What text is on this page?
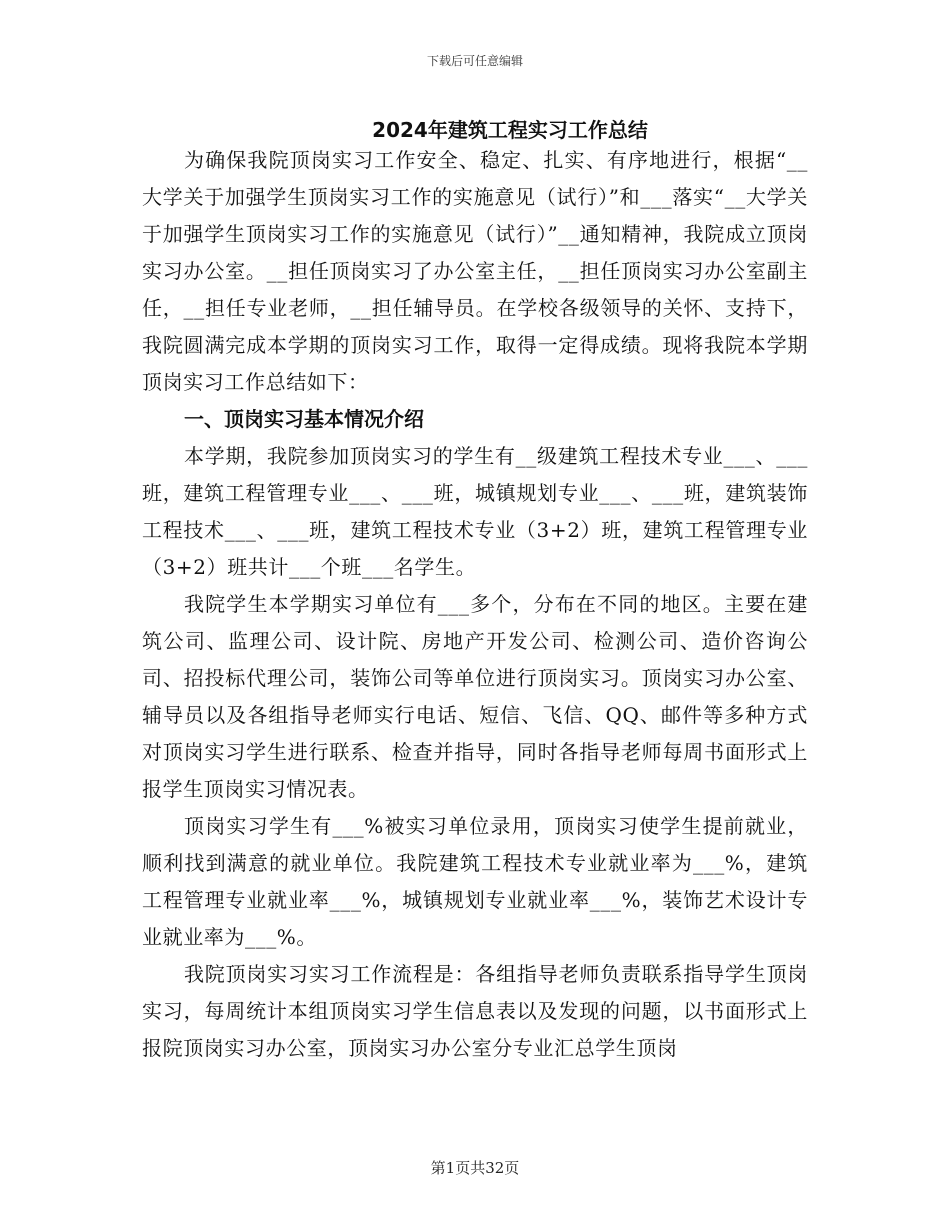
下载后可任意编辑
2024年建筑工程实习工作总结

为确保我院顶岗实习工作安全、稳定、扎实、有序地进行，根据“__大学关于加强学生顶岗实习工作的实施意见（试行）”和___落实“__大学关于加强学生顶岗实习工作的实施意见（试行）”__通知精神，我院成立顶岗实习办公室。__担任顶岗实习了办公室主任，__担任顶岗实习办公室副主任，__担任专业老师，__担任辅导员。在学校各级领导的关怀、支持下，我院圆满完成本学期的顶岗实习工作，取得一定得成绩。现将我院本学期顶岗实习工作总结如下：

一、顶岗实习基本情况介绍

本学期，我院参加顶岗实习的学生有__级建筑工程技术专业___、___班，建筑工程管理专业___、___班，城镇规划专业___、___班，建筑装饰工程技术___、___班，建筑工程技术专业（3+2）班，建筑工程管理专业（3+2）班共计___个班___名学生。

我院学生本学期实习单位有___多个，分布在不同的地区。主要在建筑公司、监理公司、设计院、房地产开发公司、检测公司、造价咨询公司、招投标代理公司，装饰公司等单位进行顶岗实习。顶岗实习办公室、辅导员以及各组指导老师实行电话、短信、飞信、QQ、邮件等多种方式对顶岗实习学生进行联系、检查并指导，同时各指导老师每周书面形式上报学生顶岗实习情况表。

顶岗实习学生有___%被实习单位录用，顶岗实习使学生提前就业，顺利找到满意的就业单位。我院建筑工程技术专业就业率为___%，建筑工程管理专业就业率___%，城镇规划专业就业率___%，装饰艺术设计专业就业率为___%。

我院顶岗实习实习工作流程是：各组指导老师负责联系指导学生顶岗实习，每周统计本组顶岗实习学生信息表以及发现的问题，以书面形式上报院顶岗实习办公室，顶岗实习办公室分专业汇总学生顶岗

第1页共32页
